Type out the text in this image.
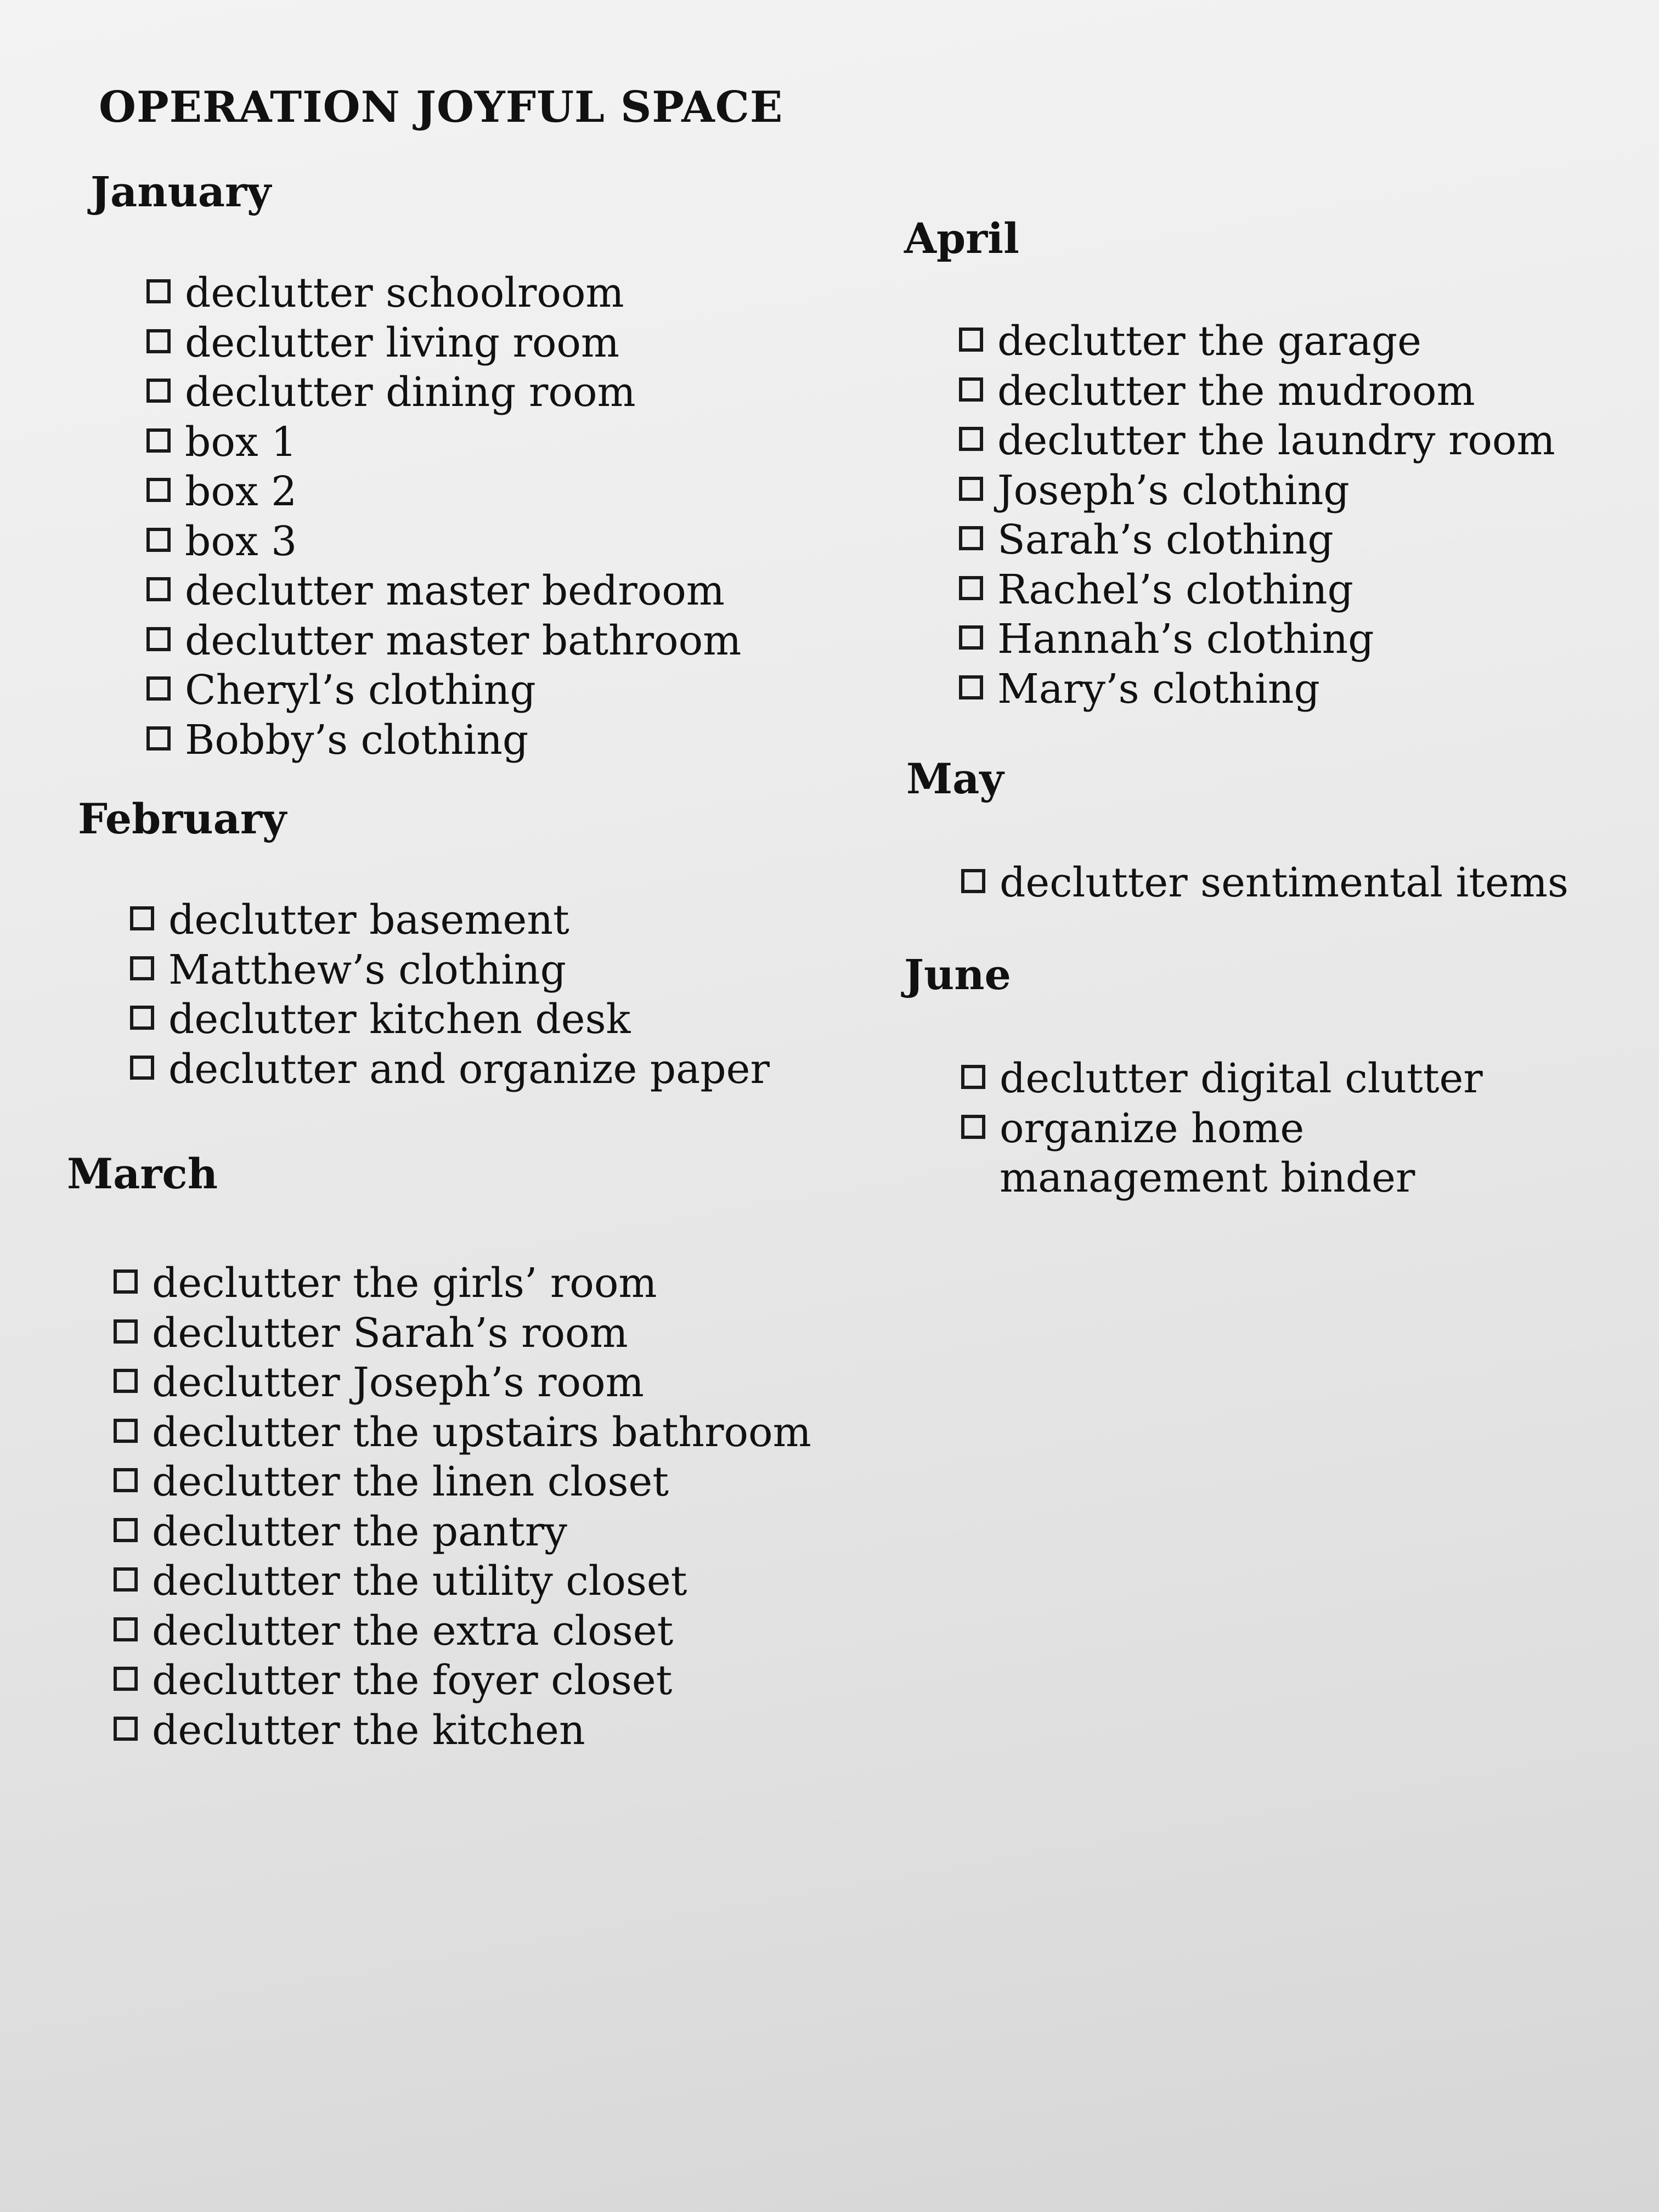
OPERATION JOYFUL SPACE
January
declutter schoolroom
declutter living room
declutter dining room
box 1
box 2
box 3
declutter master bedroom
declutter master bathroom
Cheryl’s clothing
Bobby’s clothing
February
declutter basement
Matthew’s clothing
declutter kitchen desk
declutter and organize paper
March
declutter the girls’ room
declutter Sarah’s room
declutter Joseph’s room
declutter the upstairs bathroom
declutter the linen closet
declutter the pantry
declutter the utility closet
declutter the extra closet
declutter the foyer closet
declutter the kitchen
April
declutter the garage
declutter the mudroom
declutter the laundry room
Joseph’s clothing
Sarah’s clothing
Rachel’s clothing
Hannah’s clothing
Mary’s clothing
May
declutter sentimental items
June
declutter digital clutter
organize home management binder
